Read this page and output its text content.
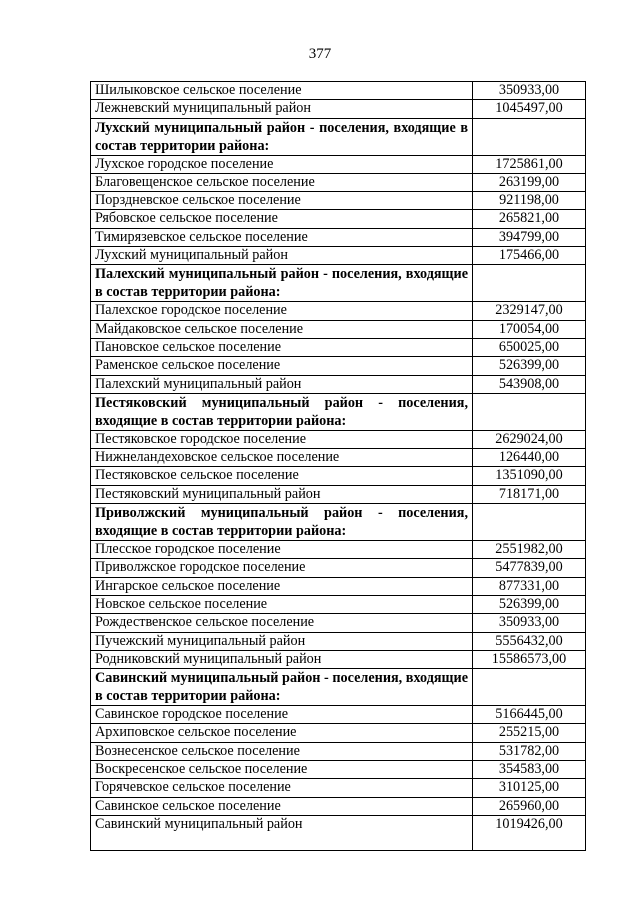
377
Шилыковское сельское поселение	350933,00
Лежневский муниципальный район	1045497,00
Лухский муниципальный район - поселения, входящие в состав территории района:	
Лухское городское поселение	1725861,00
Благовещенское сельское поселение	263199,00
Порздневское сельское поселение	921198,00
Рябовское сельское поселение	265821,00
Тимирязевское сельское поселение	394799,00
Лухский муниципальный район	175466,00
Палехский муниципальный район - поселения, входящие в состав территории района:	
Палехское городское поселение	2329147,00
Майдаковское сельское поселение	170054,00
Пановское сельское поселение	650025,00
Раменское сельское поселение	526399,00
Палехский муниципальный район	543908,00
Пестяковский муниципальный район - поселения, входящие в состав территории района:	
Пестяковское городское поселение	2629024,00
Нижнеландеховское сельское поселение	126440,00
Пестяковское сельское поселение	1351090,00
Пестяковский муниципальный район	718171,00
Приволжский муниципальный район - поселения, входящие в состав территории района:	
Плесское городское поселение	2551982,00
Приволжское городское поселение	5477839,00
Ингарское сельское поселение	877331,00
Новское сельское поселение	526399,00
Рождественское сельское поселение	350933,00
Пучежский муниципальный район	5556432,00
Родниковский муниципальный район	15586573,00
Савинский муниципальный район - поселения, входящие в состав территории района:	
Савинское городское поселение	5166445,00
Архиповское сельское поселение	255215,00
Вознесенское сельское поселение	531782,00
Воскресенское сельское поселение	354583,00
Горячевское сельское поселение	310125,00
Савинское сельское поселение	265960,00
Савинский муниципальный район	1019426,00
